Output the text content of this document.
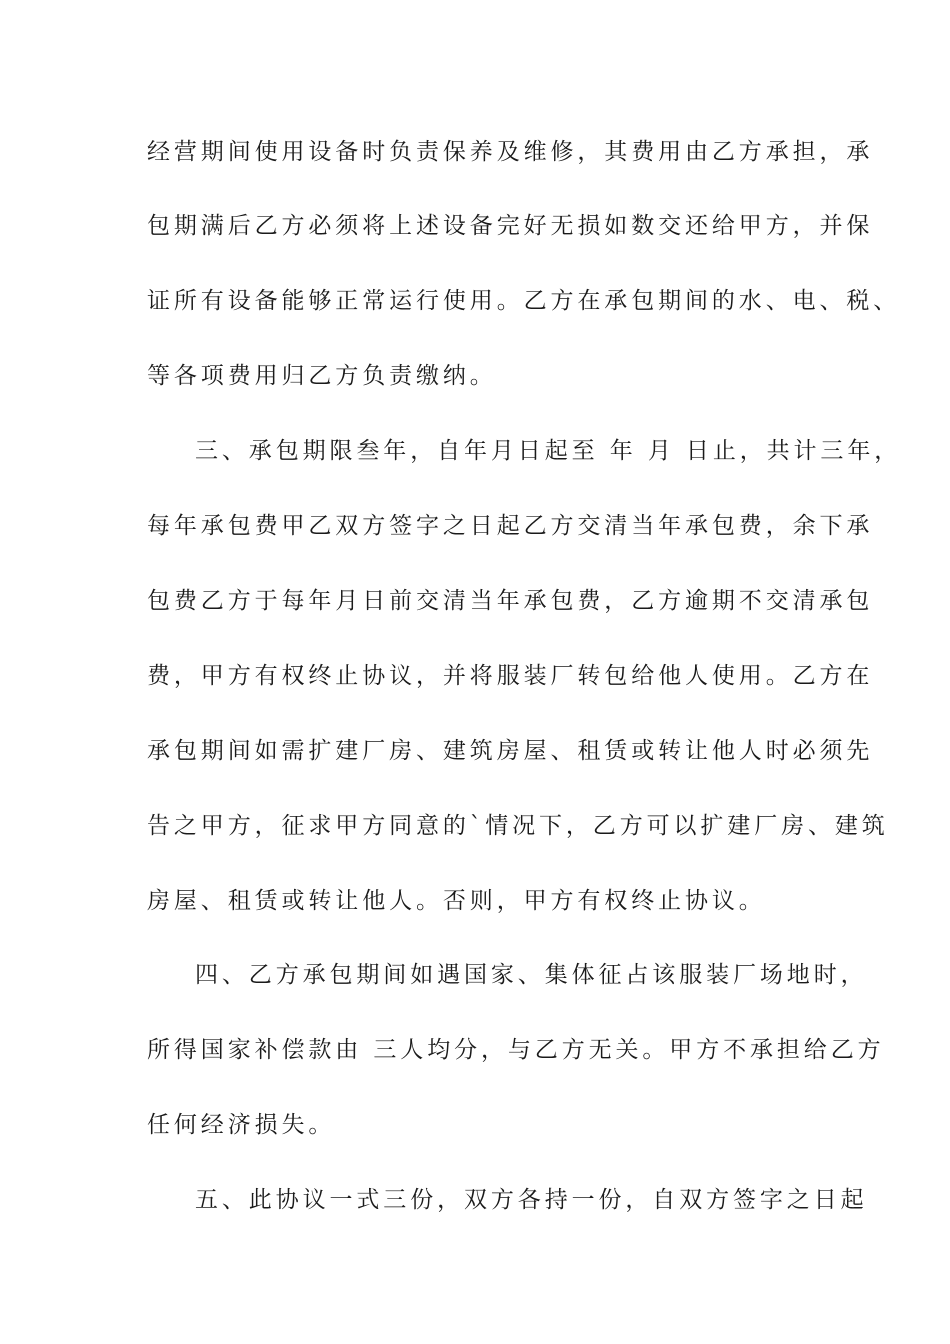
经营期间使用设备时负责保养及维修，其费用由乙方承担，承
包期满后乙方必须将上述设备完好无损如数交还给甲方，并保
证所有设备能够正常运行使用。乙方在承包期间的水、电、税、
等各项费用归乙方负责缴纳。
三、承包期限叁年，自年月日起至 年 月 日止，共计三年，
每年承包费甲乙双方签字之日起乙方交清当年承包费，余下承
包费乙方于每年月日前交清当年承包费，乙方逾期不交清承包
费，甲方有权终止协议，并将服装厂转包给他人使用。乙方在
承包期间如需扩建厂房、建筑房屋、租赁或转让他人时必须先
告之甲方，征求甲方同意的`情况下，乙方可以扩建厂房、建筑
房屋、租赁或转让他人。否则，甲方有权终止协议。
四、乙方承包期间如遇国家、集体征占该服装厂场地时，
所得国家补偿款由 三人均分，与乙方无关。甲方不承担给乙方
任何经济损失。
五、此协议一式三份，双方各持一份，自双方签字之日起
